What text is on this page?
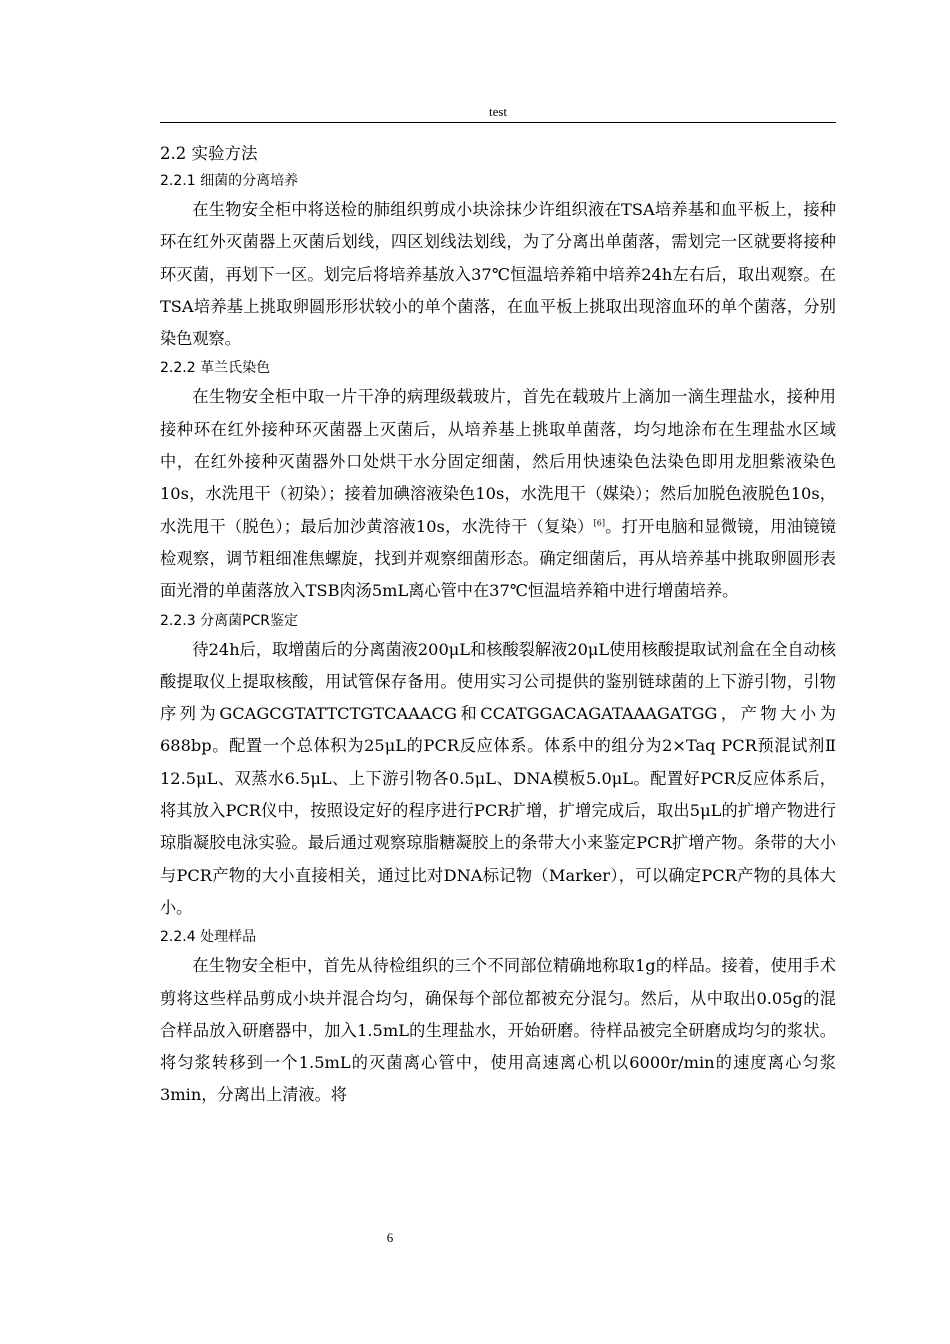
test
2.2 实验方法
2.2.1 细菌的分离培养

在生物安全柜中将送检的肺组织剪成小块涂抹少许组织液在TSA培养基和血平板上，接种环在红外灭菌器上灭菌后划线，四区划线法划线，为了分离出单菌落，需划完一区就要将接种环灭菌，再划下一区。划完后将培养基放入37℃恒温培养箱中培养24h左右后，取出观察。在TSA培养基上挑取卵圆形形状较小的单个菌落，在血平板上挑取出现溶血环的单个菌落，分别染色观察。

2.2.2 革兰氏染色

在生物安全柜中取一片干净的病理级载玻片，首先在载玻片上滴加一滴生理盐水，接种用接种环在红外接种环灭菌器上灭菌后，从培养基上挑取单菌落，均匀地涂布在生理盐水区域中，在红外接种灭菌器外口处烘干水分固定细菌，然后用快速染色法染色即用龙胆紫液染色10s，水洗甩干（初染）；接着加碘溶液染色10s，水洗甩干（媒染）；然后加脱色液脱色10s，水洗甩干（脱色）；最后加沙黄溶液10s，水洗待干（复染）[6]。打开电脑和显微镜，用油镜镜检观察，调节粗细准焦螺旋，找到并观察细菌形态。确定细菌后，再从培养基中挑取卵圆形表面光滑的单菌落放入TSB肉汤5mL离心管中在37℃恒温培养箱中进行增菌培养。

2.2.3 分离菌PCR鉴定

待24h后，取增菌后的分离菌液200μL和核酸裂解液20μL使用核酸提取试剂盒在全自动核酸提取仪上提取核酸，用试管保存备用。使用实习公司提供的鉴别链球菌的上下游引物，引物序列为GCAGCGTATTCTGTCAAACG和CCATGGACAGATAAAGATGG，产物大小为688bp。配置一个总体积为25μL的PCR反应体系。体系中的组分为2×Taq PCR预混试剂Ⅱ 12.5μL、双蒸水6.5μL、上下游引物各0.5μL、DNA模板5.0μL。配置好PCR反应体系后，将其放入PCR仪中，按照设定好的程序进行PCR扩增，扩增完成后，取出5μL的扩增产物进行琼脂凝胶电泳实验。最后通过观察琼脂糖凝胶上的条带大小来鉴定PCR扩增产物。条带的大小与PCR产物的大小直接相关，通过比对DNA标记物（Marker），可以确定PCR产物的具体大小。

2.2.4 处理样品

在生物安全柜中，首先从待检组织的三个不同部位精确地称取1g的样品。接着，使用手术剪将这些样品剪成小块并混合均匀，确保每个部位都被充分混匀。然后，从中取出0.05g的混合样品放入研磨器中，加入1.5mL的生理盐水，开始研磨。待样品被完全研磨成均匀的浆状。将匀浆转移到一个1.5mL的灭菌离心管中，使用高速离心机以6000r/min的速度离心匀浆3min，分离出上清液。将

6
